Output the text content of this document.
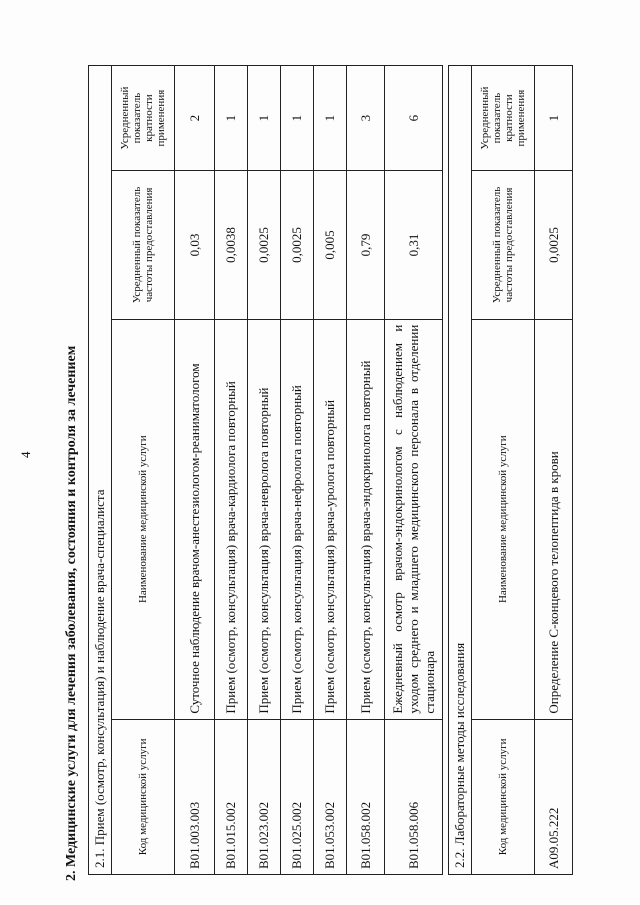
4 2. Медицинские услуги для лечения заболевания, состояния и контроля за лечением 2.1. Прием (осмотр, консультация) и наблюдение врача-специалиста			
Код медицинской услуги	Наименование медицинской услуги	Усредненный показатель частоты предоставления	Усредненный показатель кратности применения
B01.003.003	Суточное наблюдение врачом-анестезиологом-реаниматологом	0,03	2
B01.015.002	Прием (осмотр, консультация) врача-кардиолога повторный	0,0038	1
B01.023.002	Прием (осмотр, консультация) врача-невролога повторный	0,0025	1
B01.025.002	Прием (осмотр, консультация) врача-нефролога повторный	0,0025	1
B01.053.002	Прием (осмотр, консультация) врача-уролога повторный	0,005	1
B01.058.002	Прием (осмотр, консультация) врача-эндокринолога повторный	0,79	3
B01.058.006	Ежедневный осмотр врачом-эндокринологом с наблюдением и уходом среднего и младшего медицинского персонала в отделении стационара	0,31	6
2.2. Лабораторные методы исследования			
Код медицинской услуги	Наименование медицинской услуги	Усредненный показатель частоты предоставления	Усредненный показатель кратности применения
A09.05.222	Определение С-концевого телопептида в крови	0,0025	1
